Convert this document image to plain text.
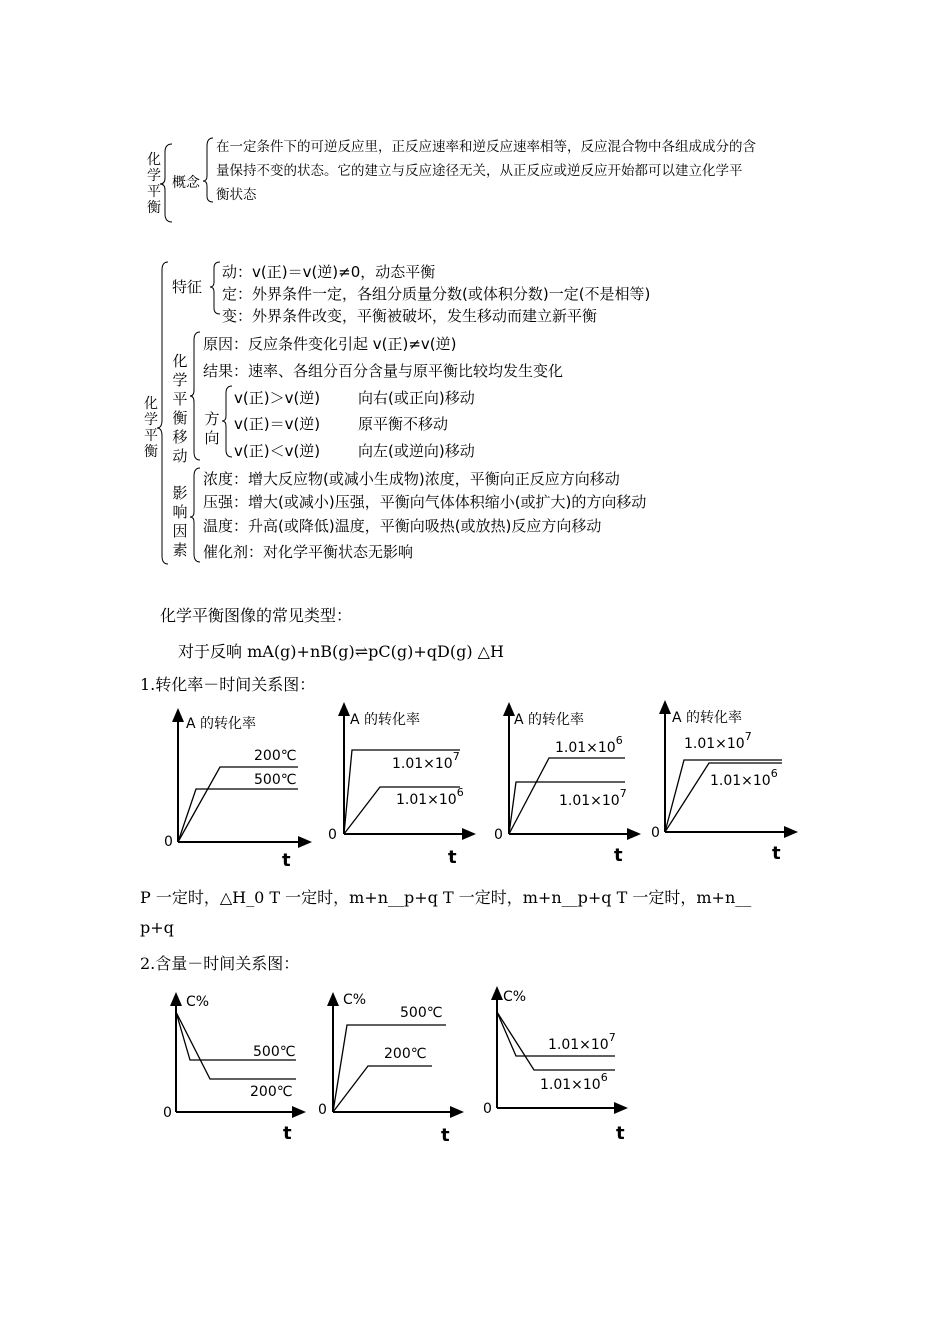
化学平衡
概念
在一定条件下的可逆反应里，正反应速率和逆反应速率相等，反应混合物中各组成成分的含
量保持不变的状态。它的建立与反应途径无关，从正反应或逆反应开始都可以建立化学平
衡状态
化学平衡
特征
动：v(正)＝v(逆)≠0，动态平衡
定：外界条件一定，各组分质量分数(或体积分数)一定(不是相等)
变：外界条件改变，平衡被破坏，发生移动而建立新平衡
化学平衡移动
原因：反应条件变化引起 v(正)≠v(逆)
结果：速率、各组分百分含量与原平衡比较均发生变化
方向
v(正)＞v(逆)	向右(或正向)移动
v(正)＝v(逆)	原平衡不移动
v(正)＜v(逆)	向左(或逆向)移动
影响因素
浓度：增大反应物(或减小生成物)浓度，平衡向正反应方向移动
压强：增大(或减小)压强，平衡向气体体积缩小(或扩大)的方向移动
温度：升高(或降低)温度，平衡向吸热(或放热)反应方向移动
催化剂：对化学平衡状态无影响
化学平衡图像的常见类型：
对于反响 mA(g)+nB(g)⇌pC(g)+qD(g) △H
1.转化率－时间关系图：
A 的转化率
0
200℃
500℃
t
A 的转化率
0
$1.01\times 10^7$
$1.01\times 10^6$
t
A 的转化率
0
$1.01\times 10^6$
$1.01\times 10^7$
t
A 的转化率
0
$1.01\times 10^7$
$1.01\times 10^6$
t
P 一定时，△H_0 T 一定时，m+n__p+q T 一定时，m+n__p+q T 一定时，m+n__
p+q
2.含量－时间关系图：
C%
0
500℃
200℃
t
C%
0
500℃
200℃
t
C%
0
$1.01\times 10^7$
$1.01\times 10^6$
t
